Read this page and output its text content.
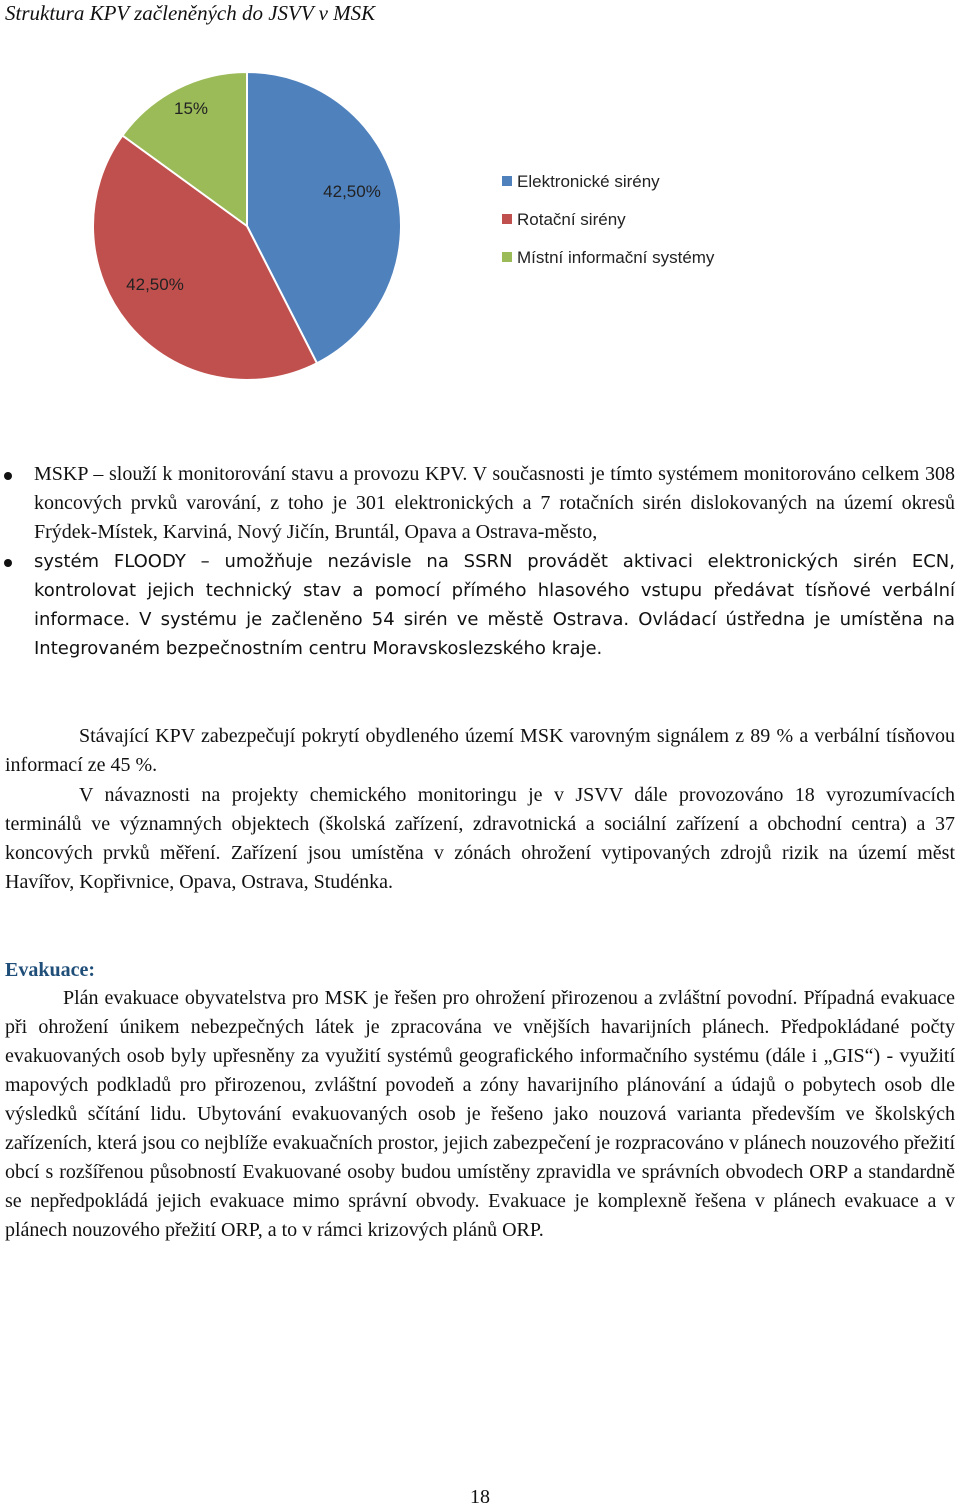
Struktura KPV začleněných do JSVV v MSK
42,50%
42,50%
15%
Elektronické sirény
Rotační sirény
Místní informační systémy
MSKP – slouží k monitorování stavu a provozu KPV. V současnosti je tímto systémem monitorováno celkem 308 koncových prvků varování, z toho je 301 elektronických a 7 rotačních sirén dislokovaných na území okresů Frýdek-Místek, Karviná, Nový Jičín, Bruntál, Opava a Ostrava-město,
systém FLOODY – umožňuje nezávisle na SSRN provádět aktivaci elektronických sirén ECN, kontrolovat jejich technický stav a pomocí přímého hlasového vstupu předávat tísňové verbální informace. V systému je začleněno 54 sirén ve městě Ostrava. Ovládací ústředna je umístěna na Integrovaném bezpečnostním centru Moravskoslezského kraje.

Stávající KPV zabezpečují pokrytí obydleného území MSK varovným signálem z 89 % a verbální tísňovou informací ze 45 %.

V návaznosti na projekty chemického monitoringu je v JSVV dále provozováno 18 vyrozumívacích terminálů ve významných objektech (školská zařízení, zdravotnická a sociální zařízení a obchodní centra) a 37 koncových prvků měření. Zařízení jsou umístěna v zónách ohrožení vytipovaných zdrojů rizik na území měst Havířov, Kopřivnice, Opava, Ostrava, Studénka.

Evakuace:

Plán evakuace obyvatelstva pro MSK je řešen pro ohrožení přirozenou a zvláštní povodní. Případná evakuace při ohrožení únikem nebezpečných látek je zpracována ve vnějších havarijních plánech. Předpokládané počty evakuovaných osob byly upřesněny za využití systémů geografického informačního systému (dále i „GIS“) - využití mapových podkladů pro přirozenou, zvláštní povodeň a zóny havarijního plánování a údajů o pobytech osob dle výsledků sčítání lidu. Ubytování evakuovaných osob je řešeno jako nouzová varianta především ve školských zařízeních, která jsou co nejblíže evakuačních prostor, jejich zabezpečení je rozpracováno v plánech nouzového přežití obcí s rozšířenou působností Evakuované osoby budou umístěny zpravidla ve správních obvodech ORP a standardně se nepředpokládá jejich evakuace mimo správní obvody. Evakuace je komplexně řešena v plánech evakuace a v plánech nouzového přežití ORP, a to v rámci krizových plánů ORP.

18
